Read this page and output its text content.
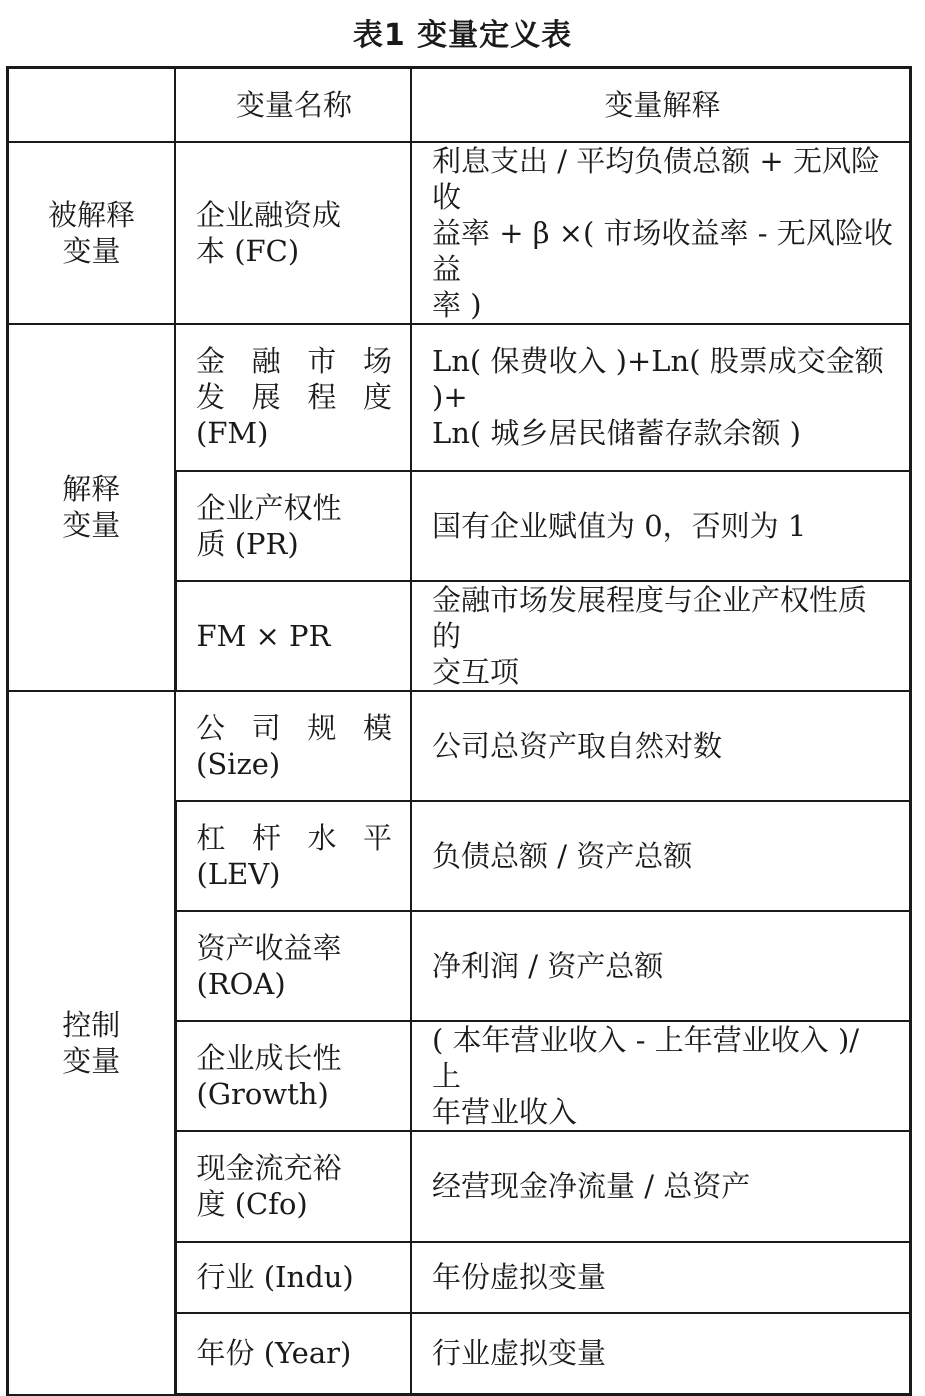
表1 变量定义表
	变量名称	变量解释

被解释
变量	企业融资成
本 (FC)	利息支出 / 平均负债总额 + 无风险收
益率 + β ×( 市场收益率 - 无风险收益
率 )

解释
变量	金 融 市 场
发 展 程 度
(FM)	Ln( 保费收入 )+Ln( 股票成交金额 )+
Ln( 城乡居民储蓄存款余额 )

	企业产权性
质 (PR)	国有企业赋值为 0，否则为 1

	FM × PR	金融市场发展程度与企业产权性质的
交互项

控制
变量	公 司 规 模
(Size)	公司总资产取自然对数

	杠 杆 水 平
(LEV)	负债总额 / 资产总额

	资产收益率
(ROA)	净利润 / 资产总额

	企业成长性
(Growth)	( 本年营业收入 - 上年营业收入 )/ 上
年营业收入

	现金流充裕
度 (Cfo)	经营现金净流量 / 总资产

	行业 (Indu)	年份虚拟变量

	年份 (Year)	行业虚拟变量
